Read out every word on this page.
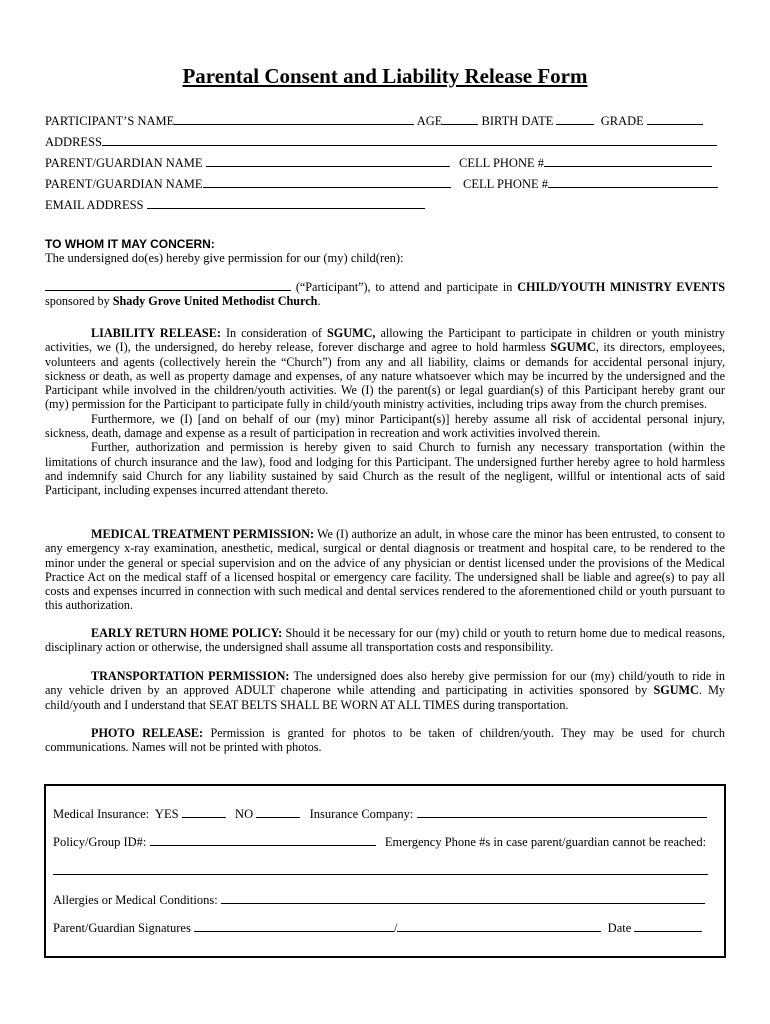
Parental Consent and Liability Release Form
PARTICIPANT’S NAME	AGE	BIRTH DATE	GRADE
ADDRESS
PARENT/GUARDIAN NAME	CELL PHONE #
PARENT/GUARDIAN NAME	CELL PHONE #
EMAIL ADDRESS
TO WHOM IT MAY CONCERN:
The undersigned do(es) hereby give permission for our (my) child(ren):

(“Participant”), to attend and participate in CHILD/YOUTH MINISTRY EVENTS sponsored by Shady Grove United Methodist Church.

LIABILITY RELEASE: In consideration of SGUMC, allowing the Participant to participate in children or youth ministry activities, we (I), the undersigned, do hereby release, forever discharge and agree to hold harmless SGUMC, its directors, employees, volunteers and agents (collectively herein the “Church”) from any and all liability, claims or demands for accidental personal injury, sickness or death, as well as property damage and expenses, of any nature whatsoever which may be incurred by the undersigned and the Participant while involved in the children/youth activities. We (I) the parent(s) or legal guardian(s) of this Participant hereby grant our (my) permission for the Participant to participate fully in child/youth ministry activities, including trips away from the church premises.
Furthermore, we (I) [and on behalf of our (my) minor Participant(s)] hereby assume all risk of accidental personal injury, sickness, death, damage and expense as a result of participation in recreation and work activities involved therein.
Further, authorization and permission is hereby given to said Church to furnish any necessary transportation (within the limitations of church insurance and the law), food and lodging for this Participant. The undersigned further hereby agree to hold harmless and indemnify said Church for any liability sustained by said Church as the result of the negligent, willful or intentional acts of said Participant, including expenses incurred attendant thereto.

MEDICAL TREATMENT PERMISSION: We (I) authorize an adult, in whose care the minor has been entrusted, to consent to any emergency x-ray examination, anesthetic, medical, surgical or dental diagnosis or treatment and hospital care, to be rendered to the minor under the general or special supervision and on the advice of any physician or dentist licensed under the provisions of the Medical Practice Act on the medical staff of a licensed hospital or emergency care facility. The undersigned shall be liable and agree(s) to pay all costs and expenses incurred in connection with such medical and dental services rendered to the aforementioned child or youth pursuant to this authorization.

EARLY RETURN HOME POLICY: Should it be necessary for our (my) child or youth to return home due to medical reasons, disciplinary action or otherwise, the undersigned shall assume all transportation costs and responsibility.

TRANSPORTATION PERMISSION: The undersigned does also hereby give permission for our (my) child/youth to ride in any vehicle driven by an approved ADULT chaperone while attending and participating in activities sponsored by SGUMC. My child/youth and I understand that SEAT BELTS SHALL BE WORN AT ALL TIMES during transportation.

PHOTO RELEASE: Permission is granted for photos to be taken of children/youth. They may be used for church communications. Names will not be printed with photos.

Medical Insurance:  YES	NO	Insurance Company:
Policy/Group ID#:	Emergency Phone #s in case parent/guardian cannot be reached:
Allergies or Medical Conditions:
Parent/Guardian Signatures	/	Date
